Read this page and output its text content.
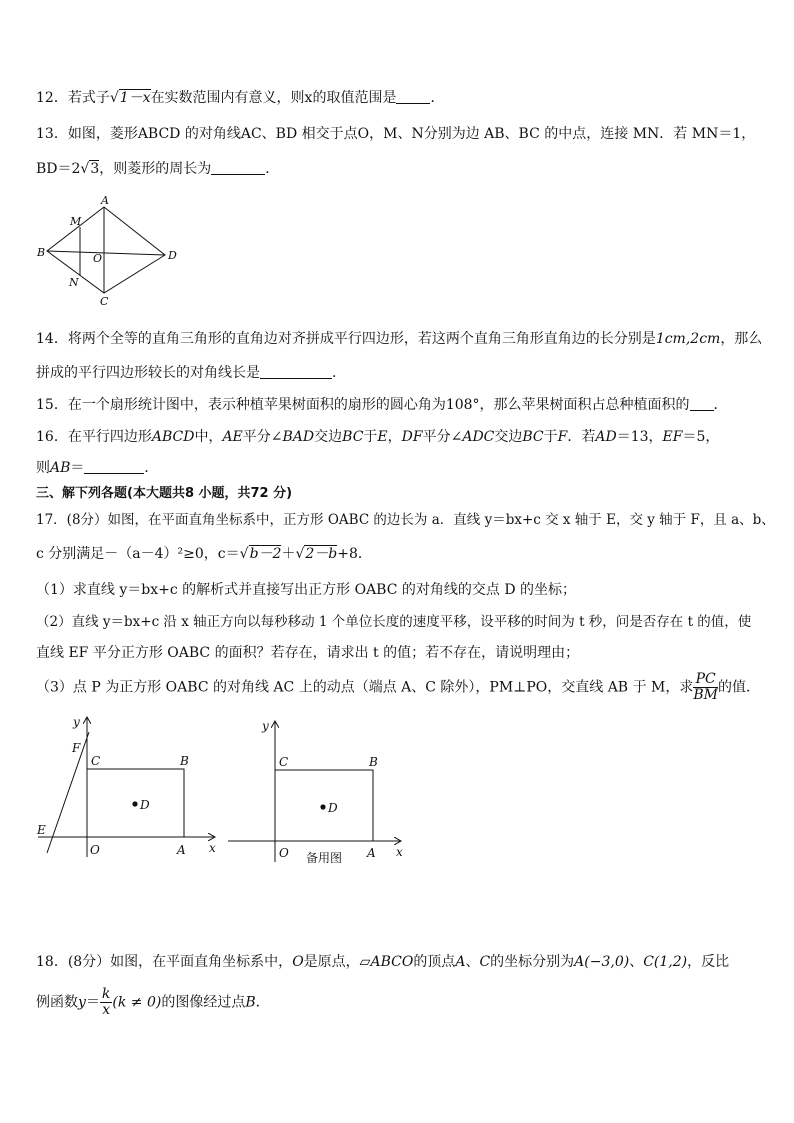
12．若式子√1－x在实数范围内有意义，则x的取值范围是 ．
13．如图，菱形ABCD 的对角线AC、BD 相交于点O，M、N分别为边 AB、BC 的中点，连接 MN．若 MN＝1，
BD＝2√3，则菱形的周长为	．
A
B
C
D
M
N
O
14．将两个全等的直角三角形的直角边对齐拼成平行四边形，若这两个直角三角形直角边的长分别是1cm,2cm，那么
拼成的平行四边形较长的对角线长是	．
15．在一个扇形统计图中，表示种植苹果树面积的扇形的圆心角为108°，那么苹果树面积占总种植面积的 ．
16．在平行四边形ABCD中，AE平分∠BAD交边BC于E，DF平分∠ADC交边BC于F．若AD＝13，EF＝5，
则AB＝	．
三、解下列各题(本大题共8 小题，共72 分)
17．(8分）如图，在平面直角坐标系中，正方形 OABC 的边长为 a．直线 y＝bx+c 交 x 轴于 E，交 y 轴于 F，且 a、b、
c 分别满足－（a－4）²≥0，c＝√b－2＋√2－b+8．
（1）求直线 y＝bx+c 的解析式并直接写出正方形 OABC 的对角线的交点 D 的坐标；
（2）直线 y＝bx+c 沿 x 轴正方向以每秒移动 1 个单位长度的速度平移，设平移的时间为 t 秒，问是否存在 t 的值，使
直线 EF 平分正方形 OABC 的面积？若存在，请求出 t 的值；若不存在，请说明理由；
（3）点 P 为正方形 OABC 的对角线 AC 上的动点（端点 A、C 除外），PM⊥PO，交直线 AB 于 M，求 $\frac{PC}{BM}$ 的值．
y
x
F
C	B
D
E
O	A
y
x
C	B
D
O	A
备用图
18．(8分）如图，在平面直角坐标系中，O是原点，▱ABCO的顶点A、C的坐标分别为A(−3,0)、C(1,2)，反比
例函数$y= \frac{k}{x} (k \ne 0)$的图像经过点B．
